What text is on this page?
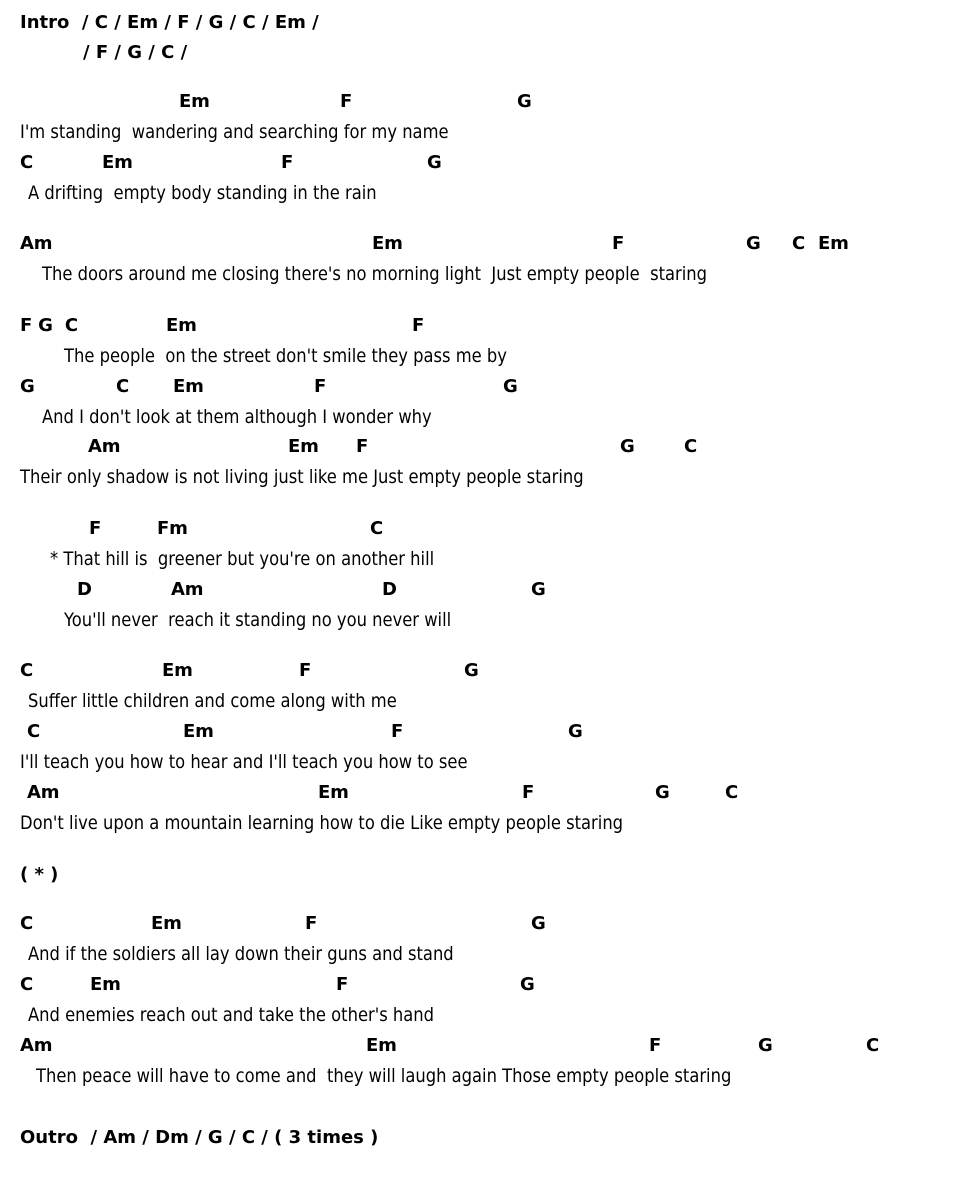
Intro  / C / Em / F / G / C / Em /

/ F / G / C /

Em	F	G
I'm standing  wandering and searching for my name
C	Em	F	G
A drifting  empty body standing in the rain
Am	Em	F	G C Em
The doors around me closing there's no morning light  Just empty people  staring
F G  C	Em	F
The people  on the street don't smile they pass me by
G	C Em	F	G
And I don't look at them although I wonder why
Am	Em F	G	C
Their only shadow is not living just like me Just empty people staring
F	Fm	C
* That hill is  greener but you're on another hill
D	Am	D	G
You'll never  reach it standing no you never will
C	Em	F	G
Suffer little children and come along with me
C	Em	F	G
I'll teach you how to hear and I'll teach you how to see
Am	Em	F	G	C
Don't live upon a mountain learning how to die Like empty people staring

( * )

C	Em	F	G
And if the soldiers all lay down their guns and stand
C	Em	F	G
And enemies reach out and take the other's hand
Am	Em	F	G	C
Then peace will have to come and  they will laugh again Those empty people staring

Outro  / Am / Dm / G / C / ( 3 times )
